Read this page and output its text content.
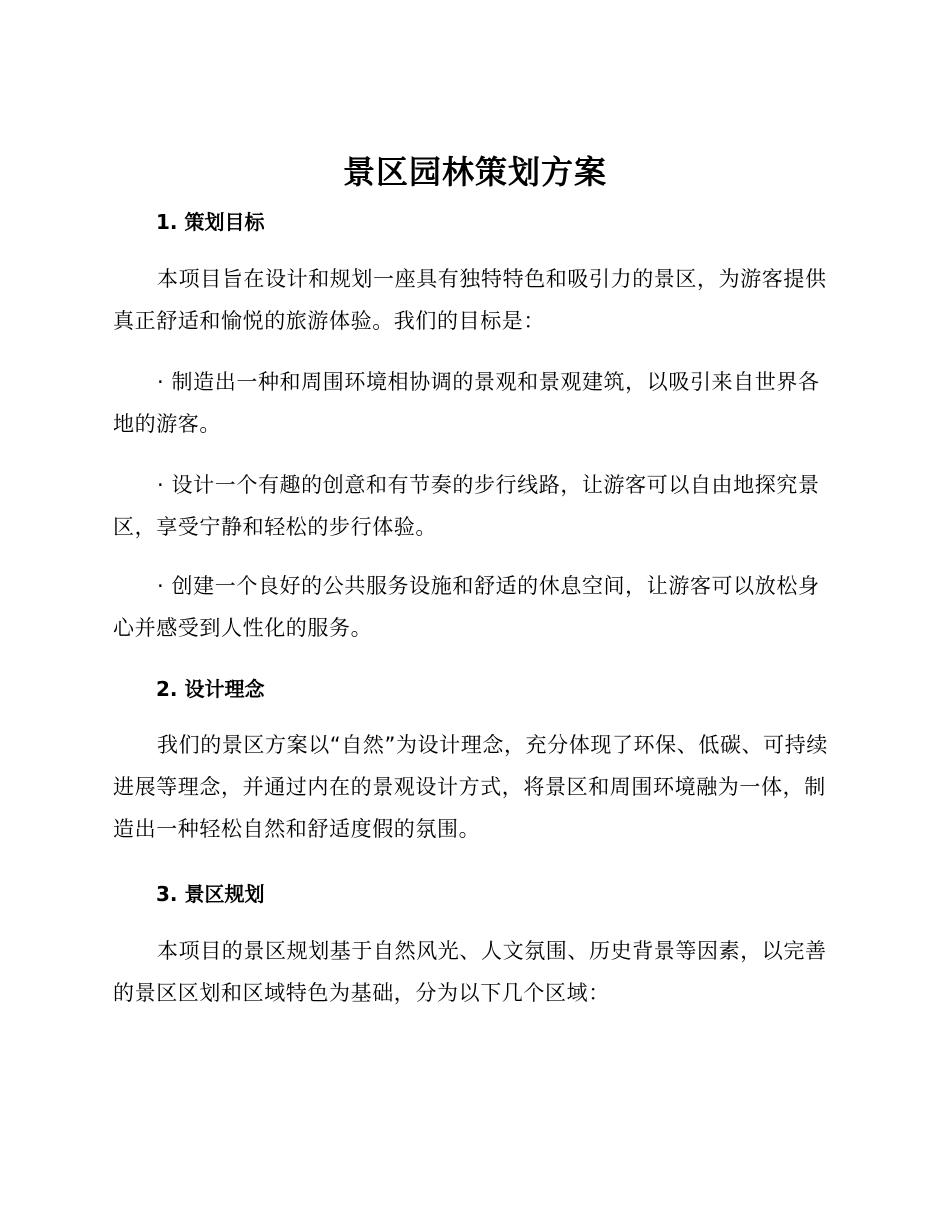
景区园林策划方案
1. 策划目标

本项目旨在设计和规划一座具有独特特色和吸引力的景区，为游客提供真正舒适和愉悦的旅游体验。我们的目标是：

· 制造出一种和周围环境相协调的景观和景观建筑，以吸引来自世界各地的游客。

· 设计一个有趣的创意和有节奏的步行线路，让游客可以自由地探究景区，享受宁静和轻松的步行体验。

· 创建一个良好的公共服务设施和舒适的休息空间，让游客可以放松身心并感受到人性化的服务。

2. 设计理念

我们的景区方案以“自然”为设计理念，充分体现了环保、低碳、可持续进展等理念，并通过内在的景观设计方式，将景区和周围环境融为一体，制造出一种轻松自然和舒适度假的氛围。

3. 景区规划

本项目的景区规划基于自然风光、人文氛围、历史背景等因素，以完善的景区区划和区域特色为基础，分为以下几个区域：
